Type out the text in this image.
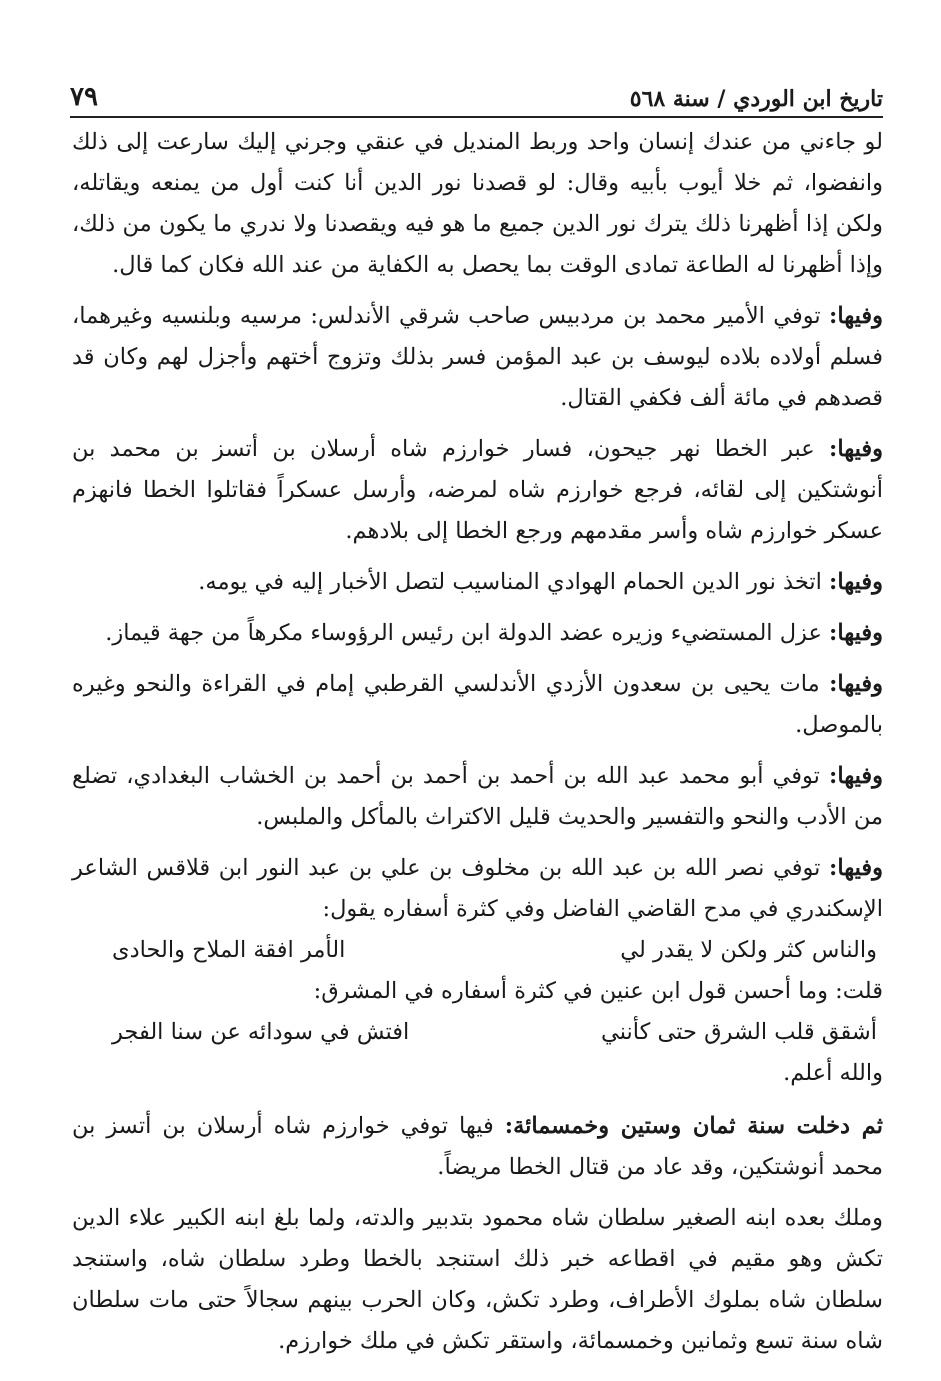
تاريخ ابن الوردي / سنة ٥٦٨
٧٩

لو جاءني من عندك إنسان واحد وربط المنديل في عنقي وجرني إليك سارعت إلى ذلك وانفضوا، ثم خلا أيوب بأبيه وقال: لو قصدنا نور الدين أنا كنت أول من يمنعه ويقاتله، ولكن إذا أظهرنا ذلك يترك نور الدين جميع ما هو فيه ويقصدنا ولا ندري ما يكون من ذلك، وإذا أظهرنا له الطاعة تمادى الوقت بما يحصل به الكفاية من عند الله فكان كما قال.

وفيها: توفي الأمير محمد بن مردبيس صاحب شرقي الأندلس: مرسيه وبلنسيه وغيرهما، فسلم أولاده بلاده ليوسف بن عبد المؤمن فسر بذلك وتزوج أختهم وأجزل لهم وكان قد قصدهم في مائة ألف فكفي القتال.

وفيها: عبر الخطا نهر جيحون، فسار خوارزم شاه أرسلان بن أتسز بن محمد بن أنوشتكين إلى لقائه، فرجع خوارزم شاه لمرضه، وأرسل عسكراً فقاتلوا الخطا فانهزم عسكر خوارزم شاه وأسر مقدمهم ورجع الخطا إلى بلادهم.

وفيها: اتخذ نور الدين الحمام الهوادي المناسيب لتصل الأخبار إليه في يومه.

وفيها: عزل المستضيء وزيره عضد الدولة ابن رئيس الرؤوساء مكرهاً من جهة قيماز.

وفيها: مات يحيى بن سعدون الأزدي الأندلسي القرطبي إمام في القراءة والنحو وغيره بالموصل.

وفيها: توفي أبو محمد عبد الله بن أحمد بن أحمد بن أحمد بن الخشاب البغدادي، تضلع من الأدب والنحو والتفسير والحديث قليل الاكتراث بالمأكل والملبس.

وفيها: توفي نصر الله بن عبد الله بن مخلوف بن علي بن عبد النور ابن قلاقس الشاعر الإسكندري في مدح القاضي الفاضل وفي كثرة أسفاره يقول:

والناس كثر ولكن لا يقدر لي
الأمر افقة الملاح والحادى

قلت: وما أحسن قول ابن عنين في كثرة أسفاره في المشرق:

أشقق قلب الشرق حتى كأنني
افتش في سودائه عن سنا الفجر

والله أعلم.

ثم دخلت سنة ثمان وستين وخمسمائة: فيها توفي خوارزم شاه أرسلان بن أتسز بن محمد أنوشتكين، وقد عاد من قتال الخطا مريضاً.

وملك بعده ابنه الصغير سلطان شاه محمود بتدبير والدته، ولما بلغ ابنه الكبير علاء الدين تكش وهو مقيم في اقطاعه خبر ذلك استنجد بالخطا وطرد سلطان شاه، واستنجد سلطان شاه بملوك الأطراف، وطرد تكش، وكان الحرب بينهم سجالاً حتى مات سلطان شاه سنة تسع وثمانين وخمسمائة، واستقر تكش في ملك خوارزم.
